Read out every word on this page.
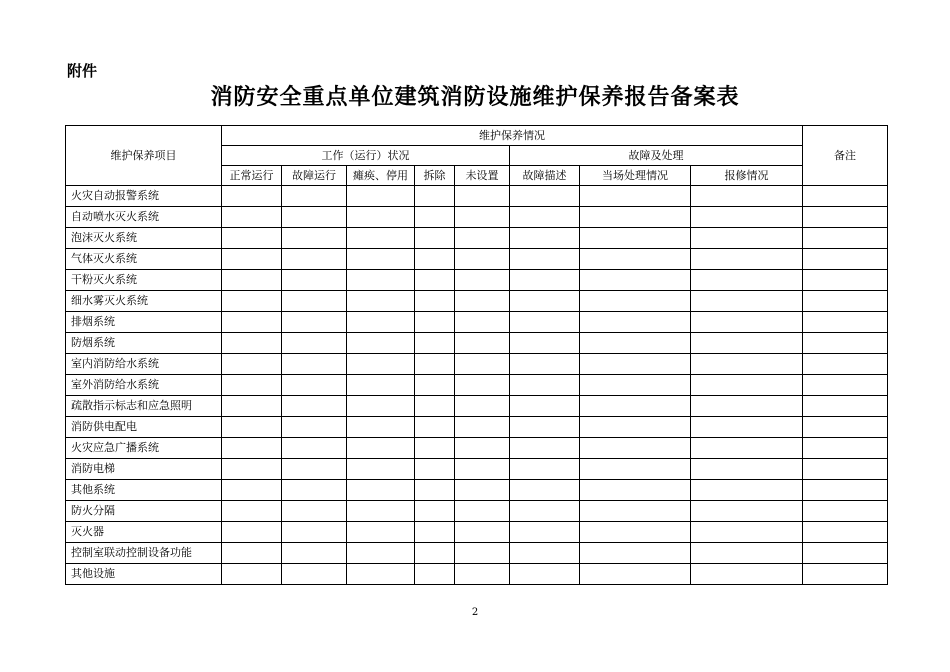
附件
消防安全重点单位建筑消防设施维护保养报告备案表
维护保养项目	维护保养情况								备注
	工作（运行）状况					故障及处理			
	正常运行	故障运行	瘫痪、停用	拆除	未设置	故障描述	当场处理情况	报修情况	
火灾自动报警系统									
自动喷水灭火系统									
泡沫灭火系统									
气体灭火系统									
干粉灭火系统									
细水雾灭火系统									
排烟系统									
防烟系统									
室内消防给水系统									
室外消防给水系统									
疏散指示标志和应急照明									
消防供电配电									
火灾应急广播系统									
消防电梯									
其他系统									
防火分隔									
灭火器									
控制室联动控制设备功能									
其他设施									
2
